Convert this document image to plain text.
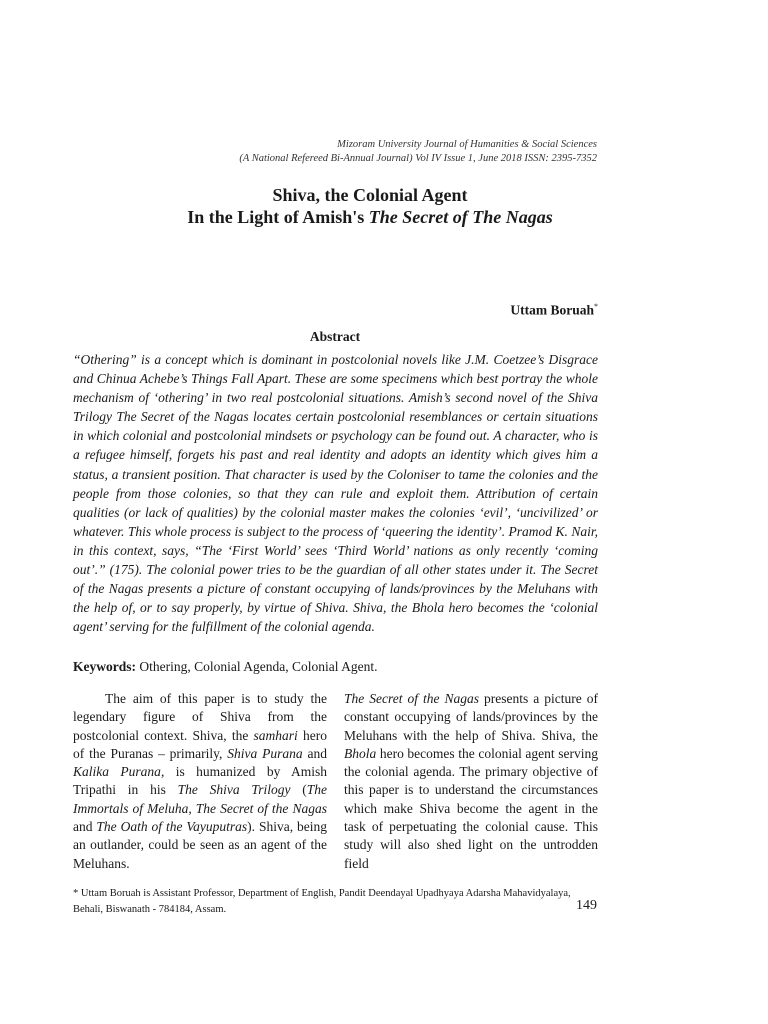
Mizoram University Journal of Humanities & Social Sciences
(A National Refereed Bi-Annual Journal) Vol IV Issue 1, June 2018 ISSN: 2395-7352
Shiva, the Colonial Agent
In the Light of Amish's The Secret of The Nagas
Uttam Boruah*
Abstract
“Othering” is a concept which is dominant in postcolonial novels like J.M. Coetzee’s Disgrace and Chinua Achebe’s Things Fall Apart. These are some specimens which best portray the whole mechanism of ‘othering’ in two real postcolonial situations. Amish’s second novel of the Shiva Trilogy The Secret of the Nagas locates certain postcolonial resemblances or certain situations in which colonial and postcolonial mindsets or psychology can be found out. A character, who is a refugee himself, forgets his past and real identity and adopts an identity which gives him a status, a transient position. That character is used by the Coloniser to tame the colonies and the people from those colonies, so that they can rule and exploit them. Attribution of certain qualities (or lack of qualities) by the colonial master makes the colonies ‘evil’, ‘uncivilized’ or whatever. This whole process is subject to the process of ‘queering the identity’. Pramod K. Nair, in this context, says, “The ‘First World’ sees ‘Third World’ nations as only recently ‘coming out’.” (175). The colonial power tries to be the guardian of all other states under it. The Secret of the Nagas presents a picture of constant occupying of lands/provinces by the Meluhans with the help of, or to say properly, by virtue of Shiva. Shiva, the Bhola hero becomes the ‘colonial agent’ serving for the fulfillment of the colonial agenda.
Keywords: Othering, Colonial Agenda, Colonial Agent.
The aim of this paper is to study the legendary figure of Shiva from the postcolonial context. Shiva, the samhari hero of the Puranas – primarily, Shiva Purana and Kalika Purana, is humanized by Amish Tripathi in his The Shiva Trilogy (The Immortals of Meluha, The Secret of the Nagas and The Oath of the Vayuputras). Shiva, being an outlander, could be seen as an agent of the Meluhans.
The Secret of the Nagas presents a picture of constant occupying of lands/provinces by the Meluhans with the help of Shiva. Shiva, the Bhola hero becomes the colonial agent serving the colonial agenda. The primary objective of this paper is to understand the circumstances which make Shiva become the agent in the task of perpetuating the colonial cause. This study will also shed light on the untrodden field
* Uttam Boruah is Assistant Professor, Department of English, Pandit Deendayal Upadhyaya Adarsha Mahavidyalaya, Behali, Biswanath - 784184, Assam.	149
